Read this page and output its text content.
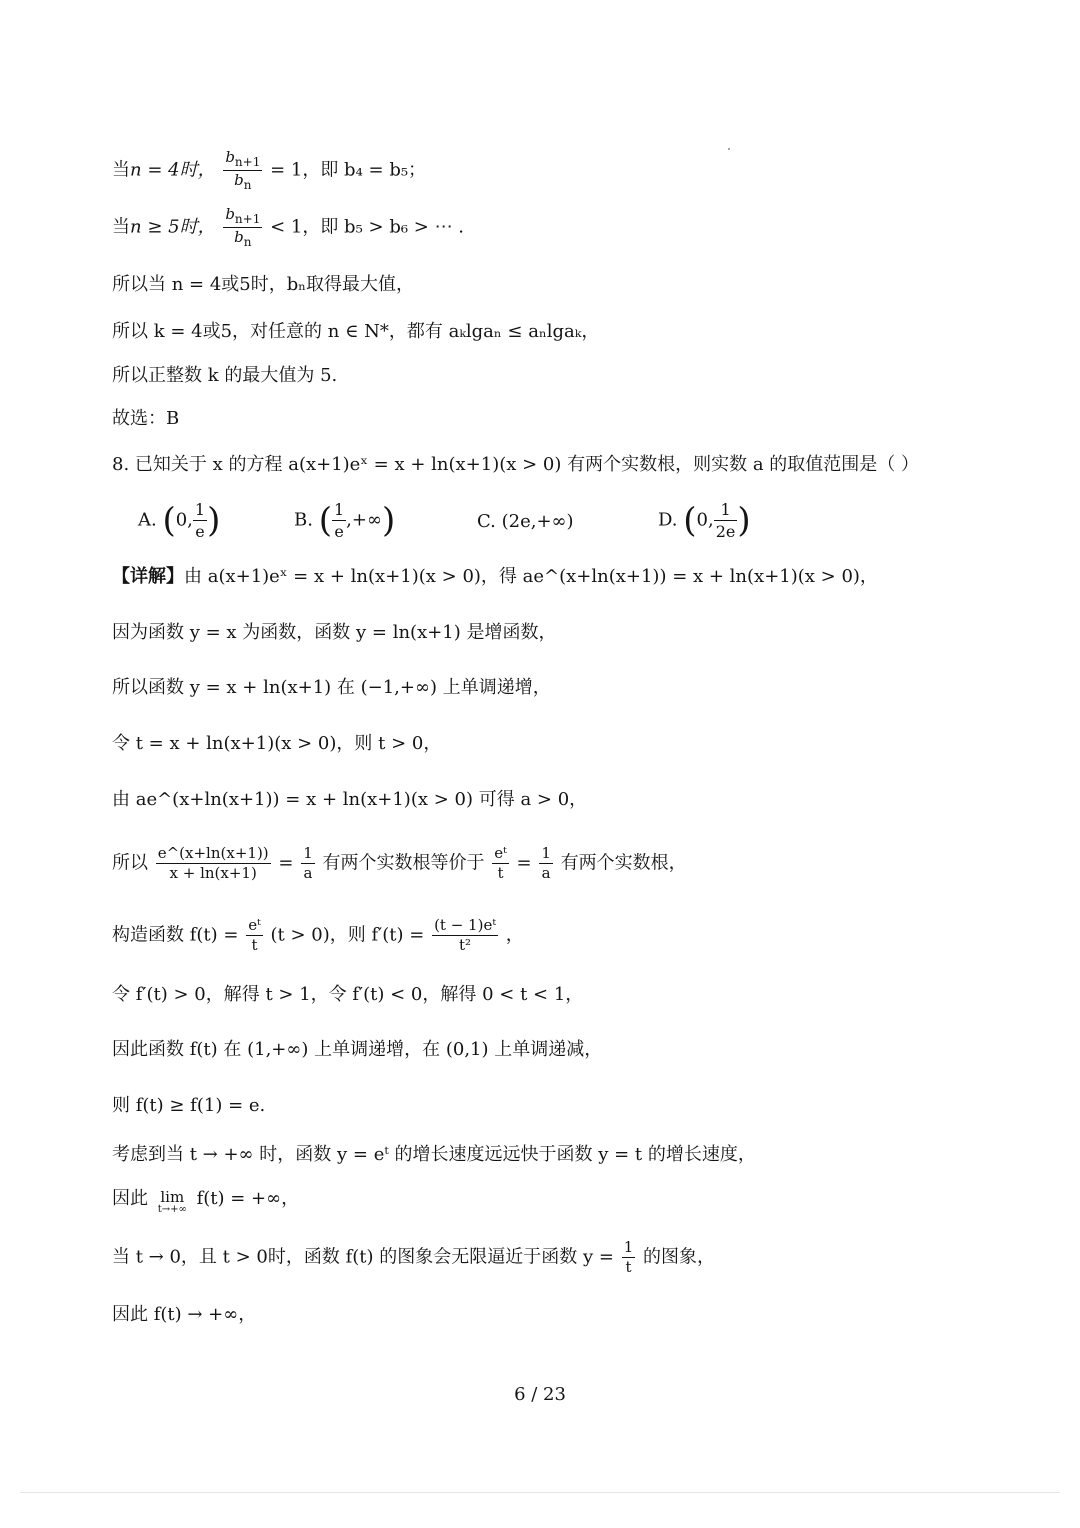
当n = 4时， $\frac{b_{n+1}}{b_n} = 1$，即 b₄ = b₅；
当n ≥ 5时， $\frac{b_{n+1}}{b_n} < 1$，即 b₅ > b₆ > ⋯ .
所以当 n = 4或5时，bₙ取得最大值，
所以 k = 4或5，对任意的 n ∈ N*，都有 aₖlgaₙ ≤ aₙlgaₖ，
所以正整数 k 的最大值为 5.
故选：B
8. 已知关于 x 的方程 a(x+1)eˣ = x + ln(x+1)(x > 0) 有两个实数根，则实数 a 的取值范围是（ ）
A. (0, $\frac{1}{e}$ )	B. ( $\frac{1}{e}$ ,+∞)	C. (2e,+∞)	D. (0, $\frac{1}{2e}$ )
【详解】由 a(x+1)eˣ = x + ln(x+1)(x > 0)，得 ae^(x+ln(x+1)) = x + ln(x+1)(x > 0)，
因为函数 y = x 为函数，函数 y = ln(x+1) 是增函数，
所以函数 y = x + ln(x+1) 在 (−1,+∞) 上单调递增，
令 t = x + ln(x+1)(x > 0)，则 t > 0，
由 ae^(x+ln(x+1)) = x + ln(x+1)(x > 0) 可得 a > 0，
所以 $\frac{e\^{}(x+\ln(x+1))}{x + \ln(x+1)} = \frac{1}{a}$ 有两个实数根等价于 $\frac{\text{eᵗ}}{t} = \frac{1}{a}$ 有两个实数根，
构造函数 $f(t) = \frac{\text{eᵗ}}{t} (t > 0)$，则 $f'(t) = \frac{\text{(t − 1)eᵗ}}{\text{t²}}$ ，
令 f′(t) > 0，解得 t > 1，令 f′(t) < 0，解得 0 < t < 1，
因此函数 f(t) 在 (1,+∞) 上单调递增，在 (0,1) 上单调递减，
则 f(t) ≥ f(1) = e.
考虑到当 t → +∞ 时，函数 y = eᵗ 的增长速度远远快于函数 y = t 的增长速度，
因此 lim
t→+∞
f(t) = +∞，
当 t → 0，且 t > 0时，函数 f(t) 的图象会无限逼近于函数 $y = \frac{1}{t}$ 的图象，
因此 f(t) → +∞，
6 / 23
